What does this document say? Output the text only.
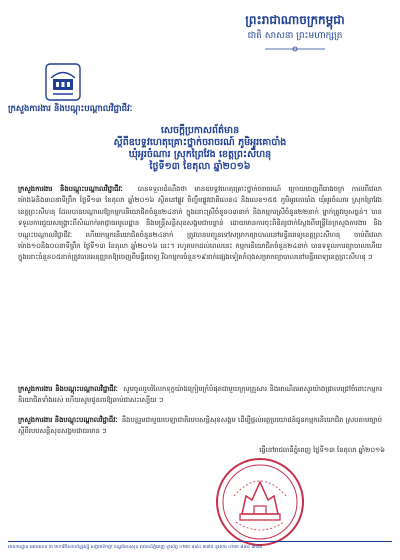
ព្រះរាជាណាចក្រកម្ពុជា
ជាតិ សាសនា ព្រះមហាក្សត្រ
ក្រសួងការងារ និងបណ្តុះបណ្តាលវិជ្ជាជីវៈ
សេចក្តីប្រកាសព័ត៌មាន
ស្តីពីឧបទ្ទវហេតុគ្រោះថ្នាក់ចរាចរណ៍ ភូមិអូរគោបាំង
ឃុំអូរចំណារ ស្រុកព្រៃវែង ខេត្តព្រះសីហនុ
ថ្ងៃទី១៣ ខែតុលា ឆ្នាំ២០១៦
ក្រសួងការងារ និងបណ្តុះបណ្តាលវិជ្ជាជីវៈ បានទទួលដំណឹងថា មានឧបទ្ទវហេតុគ្រោះថ្នាក់ចរាចរណ៍ ក្រោយចេញពីរោងចក្រ កាលពីវេលាម៉ោង៦និង៣០នាទីព្រឹក ថ្ងៃទី១៣ ខែតុលា ឆ្នាំ២០១៦ ស្ថិតនៅផ្លូវ ចិញ្ចឹមផ្លូវជាតិលេខ៤ និងលេខ១៥៥ ភូមិអូរគោបាំង ឃុំអូរចំណារ ស្រុកព្រៃវែង ខេត្តព្រះសីហនុ ដែលបានបណ្តាលឱ្យកម្មករនិយោជិតចំនួន២៤នាក់ ក្នុងនោះស្រីចំនួន០៣នាក់ និងកម្មករស្រីចំនួន២២នាក់ ម្នាក់ត្រូវរបួសធ្ងន់។ បានទទួលការជួយសង្គ្រោះពីសំណាក់អាជ្ញាធរមូលដ្ឋាន និងមន្ត្រីសន្តិសុខសង្គមជាបន្ទាន់ ដោយមានការចុះពិនិត្យជាក់ស្តែងពីមន្ត្រីនៃក្រសួងការងារ និងបណ្តុះបណ្តាលវិជ្ជាជីវៈ ហើយកម្មករនិយោជិតចំនួន២៤នាក់ ត្រូវបានបញ្ជូនទៅសម្រាកព្យាបាលនៅមន្ទីរពេទ្យខេត្តព្រះសីហនុ ចាប់ពីវេលាម៉ោង១០និង០០នាទីព្រឹក ថ្ងៃទី១៣ ខែតុលា ឆ្នាំ២០១៦ នេះ។ រហូតមកដល់ពេលនេះ កម្មករនិយោជិតចំនួន២៤នាក់ បានទទួលការព្យាបាលហើយ ក្នុងនោះចំនួន០៥នាក់ត្រូវបានអនុញ្ញាតឱ្យចេញពីមន្ទីរពេទ្យ រីឯកម្មករចំនួន១៩នាក់ផ្សេងទៀតកំពុងសម្រាកព្យាបាលនៅមន្ទីរពេទ្យខេត្តព្រះសីហនុ ៗ
ក្រសួងការងារ និងបណ្តុះបណ្តាលវិជ្ជាជីវៈ សូមចូលរួមរំលែកទុក្ខយ៉ាងក្រៀមក្រំបំផុតជាមួយក្រុមគ្រួសារ និងអាណិតអាសូរយ៉ាងជ្រាលជ្រៅចំពោះកម្មករនិយោជិតទាំងអស់ ហើយសូមជូនពរឱ្យឆាប់ជាសះស្បើយ ៗ
ក្រសួងការងារ និងបណ្តុះបណ្តាលវិជ្ជាជីវៈ នឹងបន្តរួមជាមួយបេឡាជាតិរបបសន្តិសុខសង្គម ដើម្បីផ្តល់អត្ថប្រយោជន៍ជូនកម្មករនិយោជិត ស្របតាមច្បាប់ស្តីពីរបបសន្តិសុខសង្គមជាធរមាន ៗ
ធ្វើនៅរាជធានីភ្នំពេញ ថ្ងៃទី១៣ ខែតុលា ឆ្នាំ២០១៦
អាសយដ្ឋាន អគារលេខ ៣ មហាវិថីសហព័ន្ធរុស្ស៊ី សង្កាត់ទឹកថ្លា ខណ្ឌសែនសុខ រាជធានីភ្នំពេញ ទូរស័ព្ទ ០២៣ ៨៨៤ ៣៧៥ ទូរសារ ០២៣ ៨៨៤ ៣៧៦
